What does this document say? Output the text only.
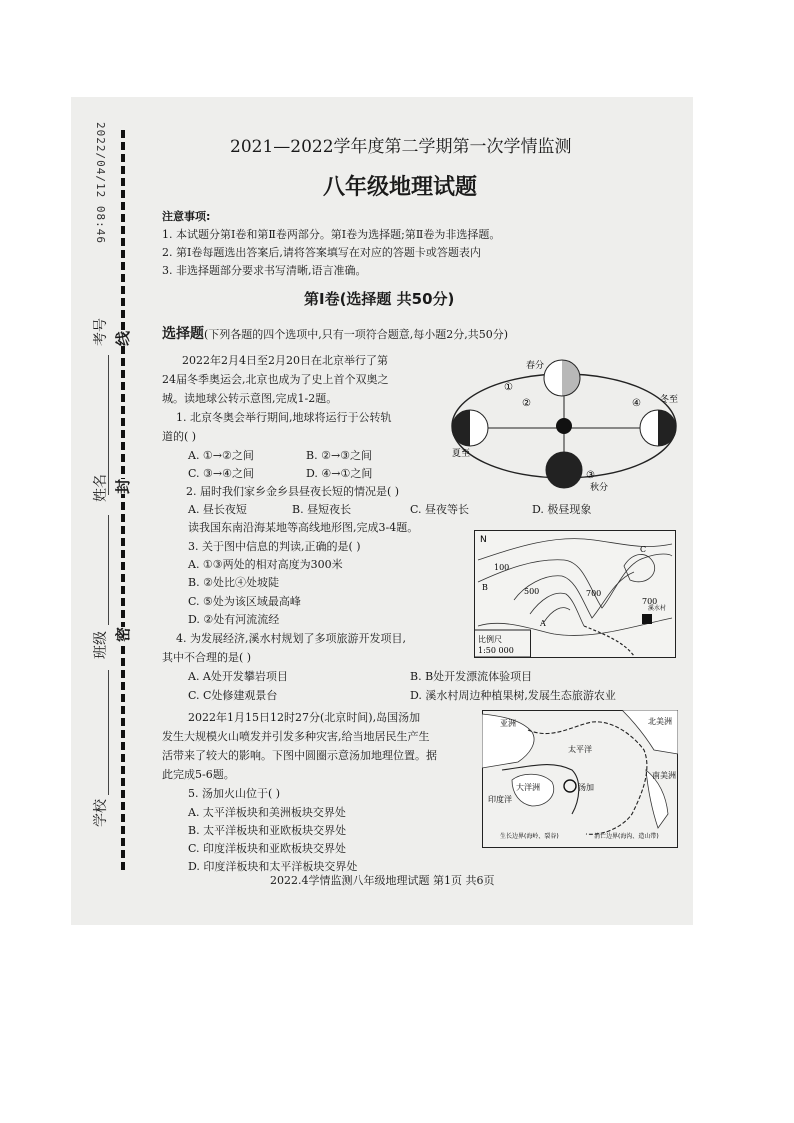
2022/04/12 08:46
线
封
密
考号
姓名
班级
学校
2021—2022学年度第二学期第一次学情监测
八年级地理试题
注意事项:
1. 本试题分第Ⅰ卷和第Ⅱ卷两部分。第Ⅰ卷为选择题;第Ⅱ卷为非选择题。
2. 第Ⅰ卷每题选出答案后,请将答案填写在对应的答题卡或答题表内
3. 非选择题部分要求书写清晰,语言准确。
第Ⅰ卷(选择题 共50分)
选择题(下列各题的四个选项中,只有一项符合题意,每小题2分,共50分)
2022年2月4日至2月20日在北京举行了第
24届冬季奥运会,北京也成为了史上首个双奥之
城。读地球公转示意图,完成1-2题。
1. 北京冬奥会举行期间,地球将运行于公转轨
道的( )
A. ①→②之间	B. ②→③之间
C. ③→④之间	D. ④→①之间
2. 届时我们家乡金乡县昼夜长短的情况是( )
A. 昼长夜短	B. 昼短夜长	C. 昼夜等长	D. 极昼现象
春分
夏至
秋分
冬至
①
②
③
④
读我国东南沿海某地等高线地形图,完成3-4题。
3. 关于图中信息的判读,正确的是( )
A. ①③两处的相对高度为300米
B. ②处比④处坡陡
C. ⑤处为该区域最高峰
D. ②处有河流流经
4. 为发展经济,溪水村规划了多项旅游开发项目,
其中不合理的是( )
A. A处开发攀岩项目	B. B处开发漂流体验项目
C. C处修建观景台	D. 溪水村周边种植果树,发展生态旅游农业
N
100
500	700
700
A
B
C
溪水村
比例尺
1:50 000
2022年1月15日12时27分(北京时间),岛国汤加
发生大规模火山喷发并引发多种灾害,给当地居民生产生
活带来了较大的影响。下图中圆圈示意汤加地理位置。据
此完成5-6题。
5. 汤加火山位于( )
A. 太平洋板块和美洲板块交界处
B. 太平洋板块和亚欧板块交界处
C. 印度洋板块和亚欧板块交界处
D. 印度洋板块和太平洋板块交界处
亚洲	北美洲
太平洋
大洋洲	汤加
南美洲
印度洋
生长边界(海岭、裂谷)	消亡边界(海沟、造山带)
2022.4学情监测八年级地理试题 第1页 共6页
